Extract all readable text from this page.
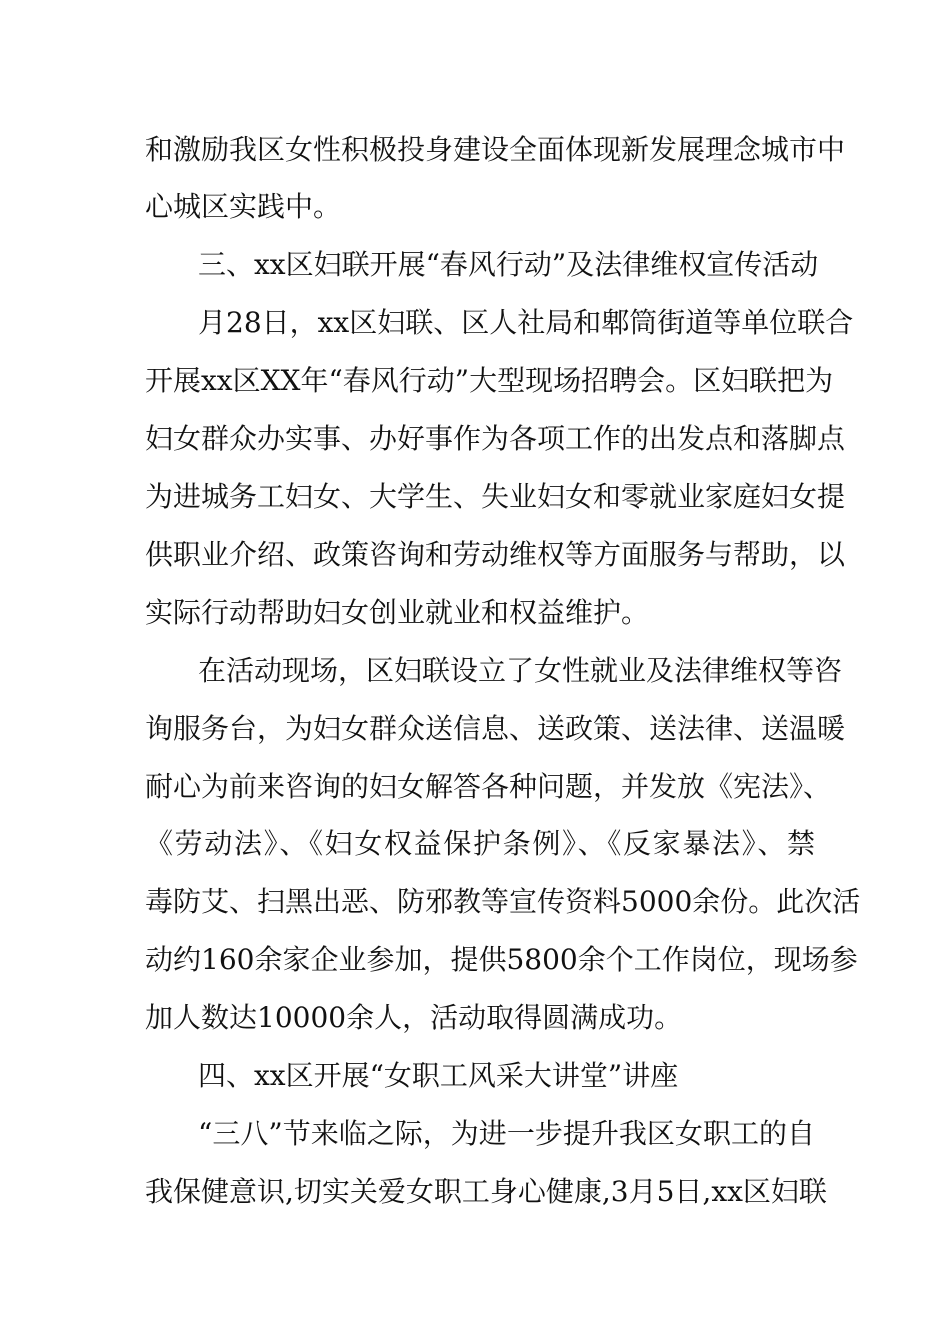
和激励我区女性积极投身建设全面体现新发展理念城市中
心城区实践中。
三、xx区妇联开展“春风行动”及法律维权宣传活动
月28日，xx区妇联、区人社局和郫筒街道等单位联合
开展xx区XX年“春风行动”大型现场招聘会。区妇联把为
妇女群众办实事、办好事作为各项工作的出发点和落脚点
为进城务工妇女、大学生、失业妇女和零就业家庭妇女提
供职业介绍、政策咨询和劳动维权等方面服务与帮助，以
实际行动帮助妇女创业就业和权益维护。
在活动现场，区妇联设立了女性就业及法律维权等咨
询服务台，为妇女群众送信息、送政策、送法律、送温暖
耐心为前来咨询的妇女解答各种问题，并发放《宪法》、
《劳动法》、《妇女权益保护条例》、《反家暴法》、禁
毒防艾、扫黑出恶、防邪教等宣传资料5000余份。此次活
动约160余家企业参加，提供5800余个工作岗位，现场参
加人数达10000余人，活动取得圆满成功。
四、xx区开展“女职工风采大讲堂”讲座
“三八”节来临之际，为进一步提升我区女职工的自
我保健意识,切实关爱女职工身心健康,3月5日,xx区妇联
